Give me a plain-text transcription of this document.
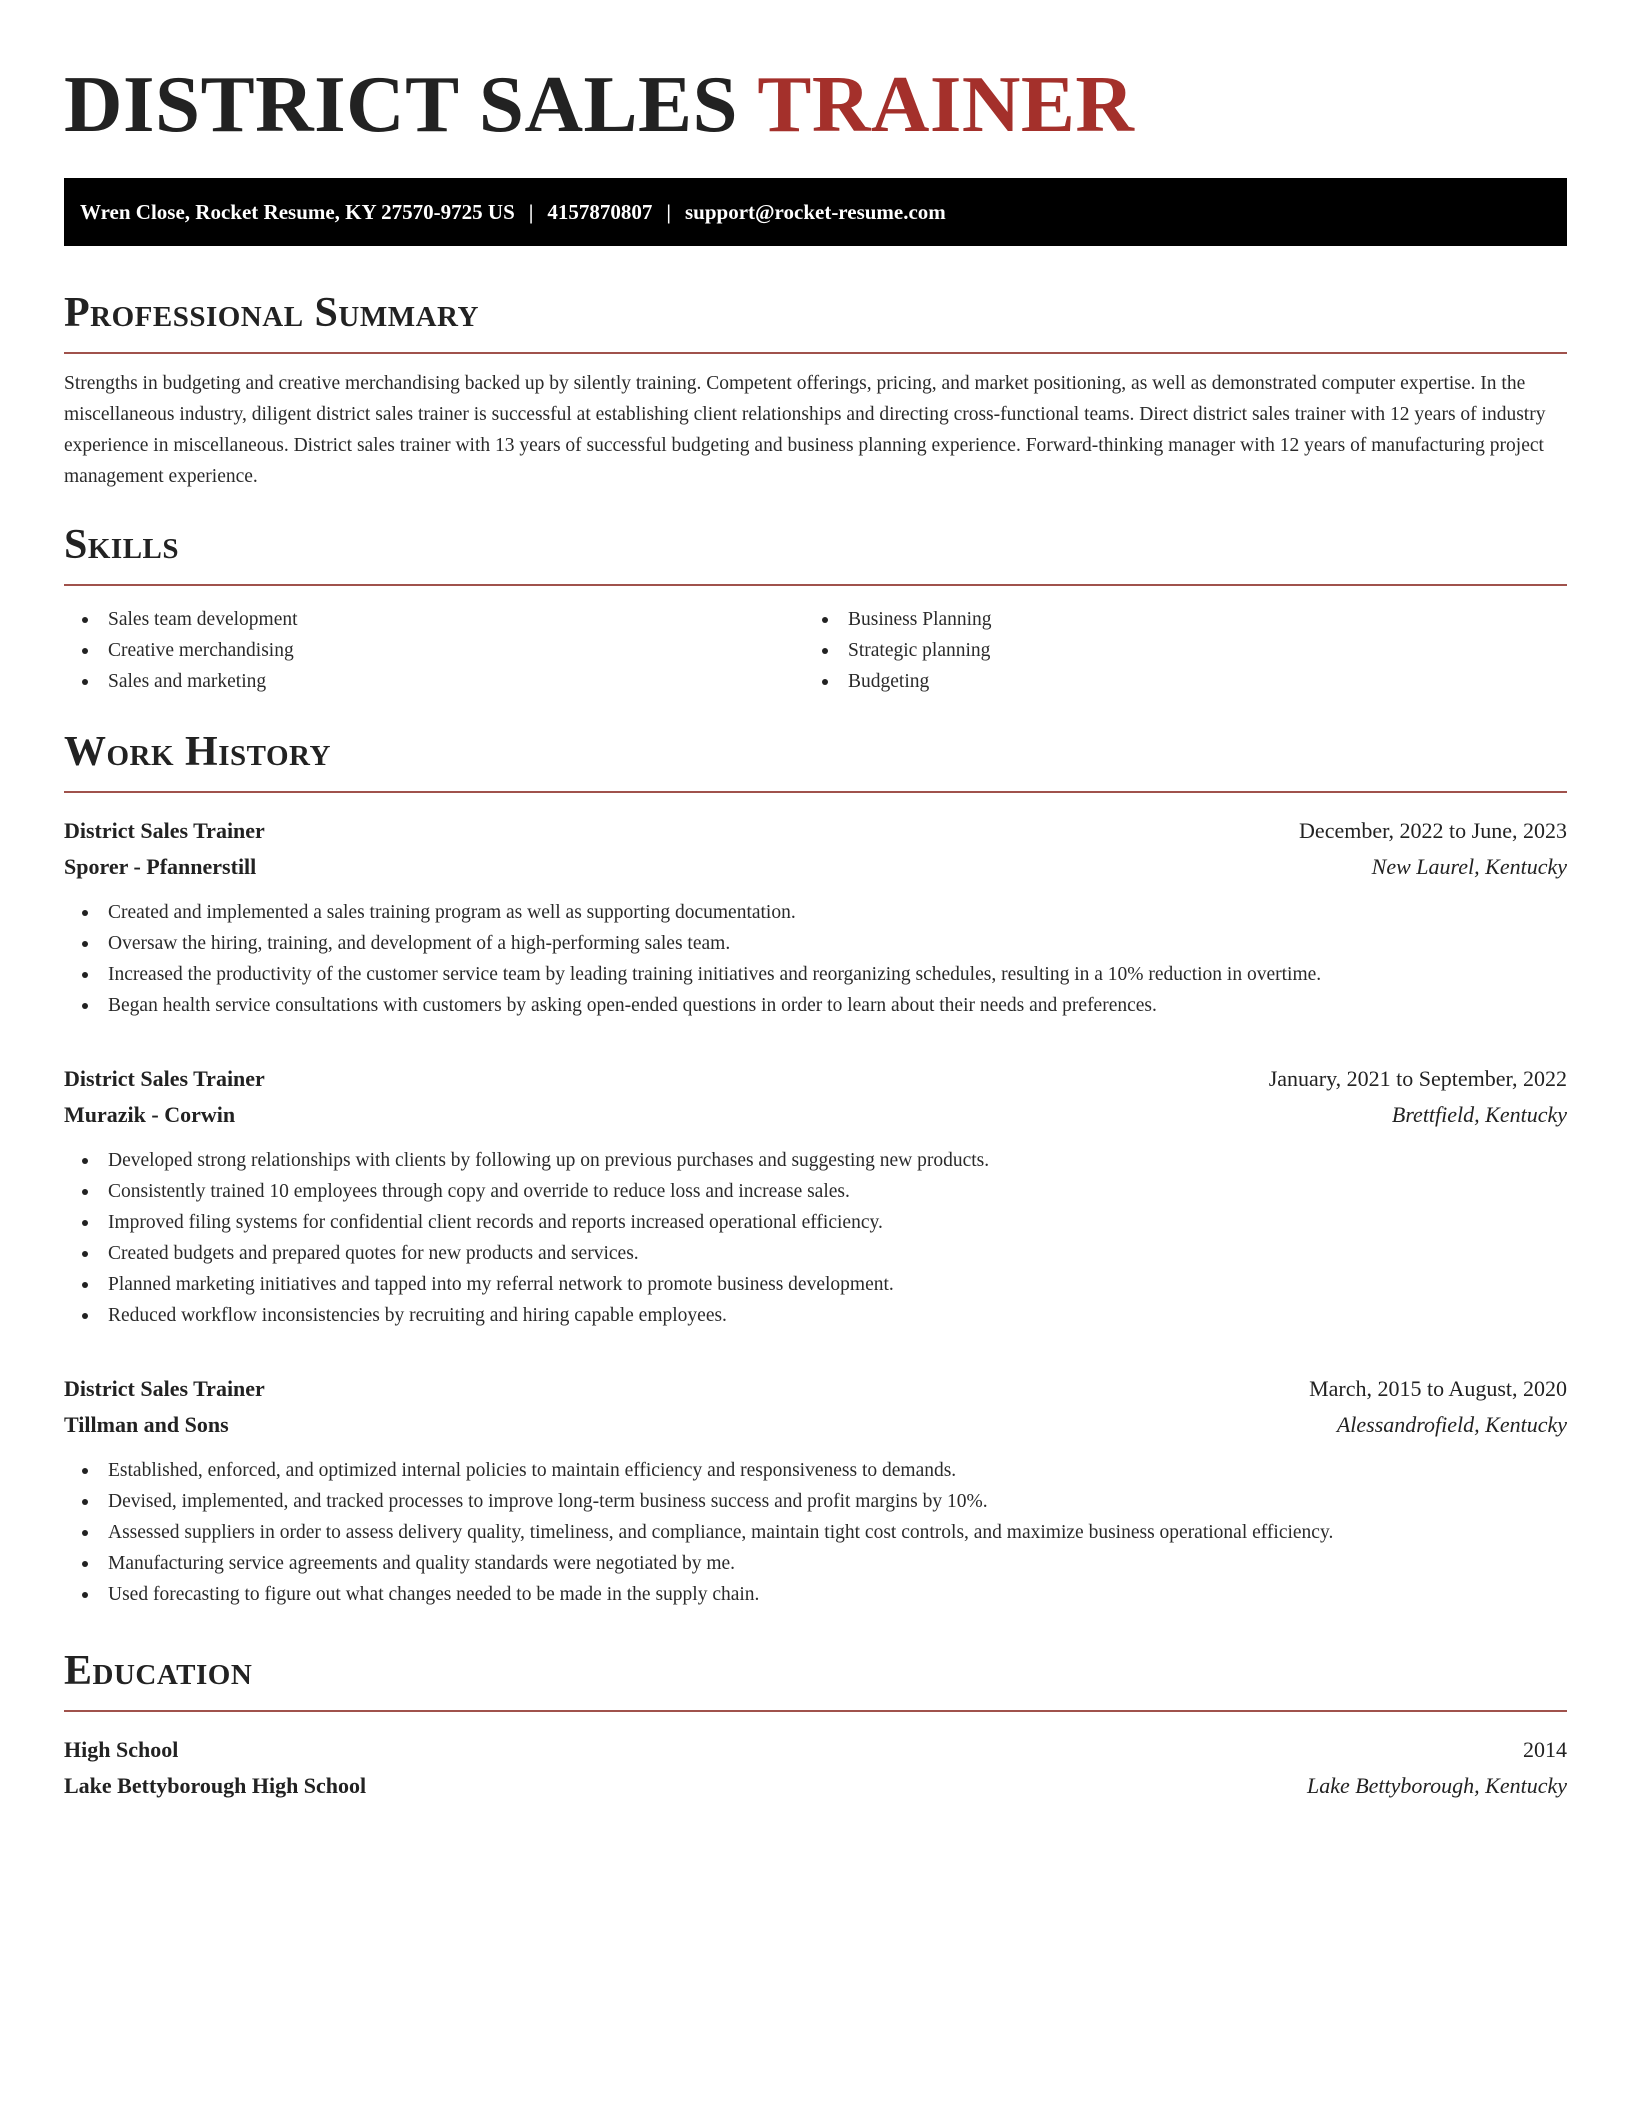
DISTRICT SALES TRAINER
Wren Close, Rocket Resume, KY 27570-9725 US | 4157870807 | support@rocket-resume.com
Professional Summary

Strengths in budgeting and creative merchandising backed up by silently training. Competent offerings, pricing, and market positioning, as well as demonstrated computer expertise. In the miscellaneous industry, diligent district sales trainer is successful at establishing client relationships and directing cross-functional teams. Direct district sales trainer with 12 years of industry experience in miscellaneous. District sales trainer with 13 years of successful budgeting and business planning experience. Forward-thinking manager with 12 years of manufacturing project management experience.

Skills
Sales team development
Creative merchandising
Sales and marketing
Business Planning
Strategic planning
Budgeting
Work History
District Sales Trainer	December, 2022 to June, 2023
Sporer - Pfannerstill	New Laurel, Kentucky
Created and implemented a sales training program as well as supporting documentation.
Oversaw the hiring, training, and development of a high-performing sales team.
Increased the productivity of the customer service team by leading training initiatives and reorganizing schedules, resulting in a 10% reduction in overtime.
Began health service consultations with customers by asking open-ended questions in order to learn about their needs and preferences.
District Sales Trainer	January, 2021 to September, 2022
Murazik - Corwin	Brettfield, Kentucky
Developed strong relationships with clients by following up on previous purchases and suggesting new products.
Consistently trained 10 employees through copy and override to reduce loss and increase sales.
Improved filing systems for confidential client records and reports increased operational efficiency.
Created budgets and prepared quotes for new products and services.
Planned marketing initiatives and tapped into my referral network to promote business development.
Reduced workflow inconsistencies by recruiting and hiring capable employees.
District Sales Trainer	March, 2015 to August, 2020
Tillman and Sons	Alessandrofield, Kentucky
Established, enforced, and optimized internal policies to maintain efficiency and responsiveness to demands.
Devised, implemented, and tracked processes to improve long-term business success and profit margins by 10%.
Assessed suppliers in order to assess delivery quality, timeliness, and compliance, maintain tight cost controls, and maximize business operational efficiency.
Manufacturing service agreements and quality standards were negotiated by me.
Used forecasting to figure out what changes needed to be made in the supply chain.
Education
High School	2014
Lake Bettyborough High School	Lake Bettyborough, Kentucky
